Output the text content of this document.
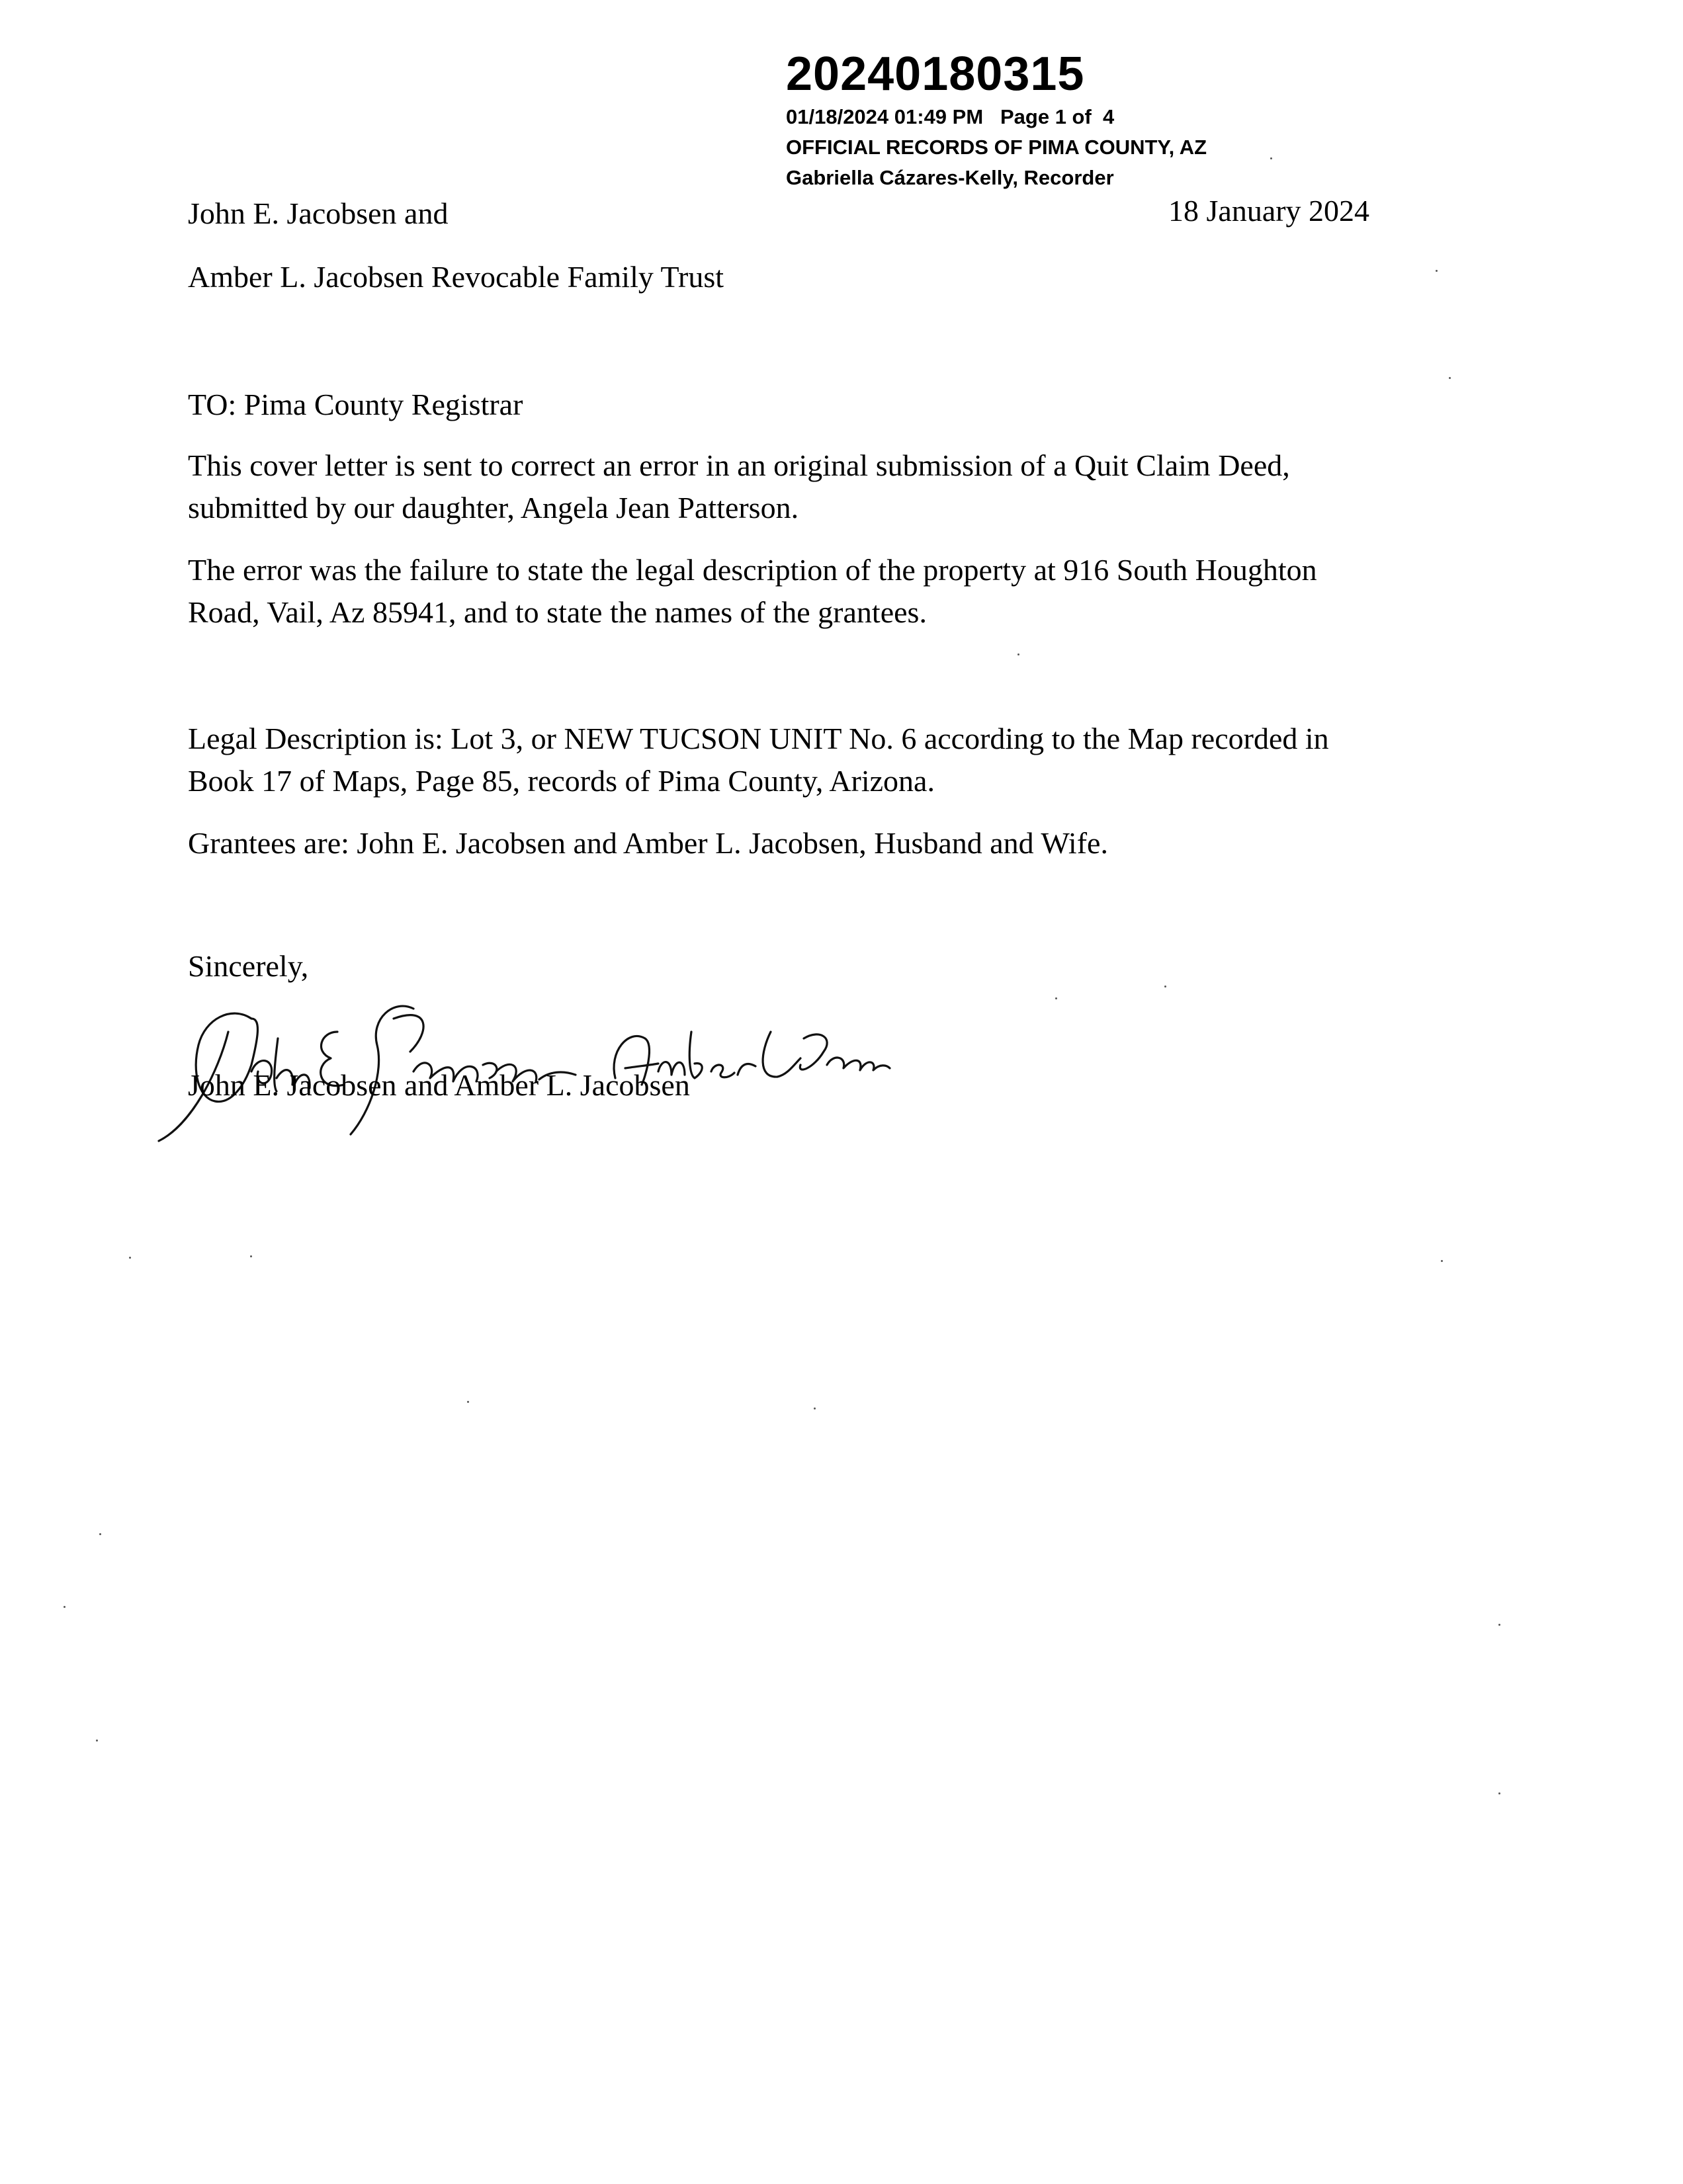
20240180315
01/18/2024 01:49 PM   Page 1 of  4
OFFICIAL RECORDS OF PIMA COUNTY, AZ
Gabriella Cázares-Kelly, Recorder
John E. Jacobsen and	18 January 2024
Amber L. Jacobsen Revocable Family Trust
TO: Pima County Registrar
This cover letter is sent to correct an error in an original submission of a Quit Claim Deed,
submitted by our daughter, Angela Jean Patterson.
The error was the failure to state the legal description of the property at 916 South Houghton
Road, Vail, Az 85941, and to state the names of the grantees.
Legal Description is: Lot 3, or NEW TUCSON UNIT No. 6 according to the Map recorded in
Book 17 of Maps, Page 85, records of Pima County, Arizona.
Grantees are: John E. Jacobsen and Amber L. Jacobsen, Husband and Wife.
Sincerely,
John E. Jacobsen and Amber L. Jacobsen
